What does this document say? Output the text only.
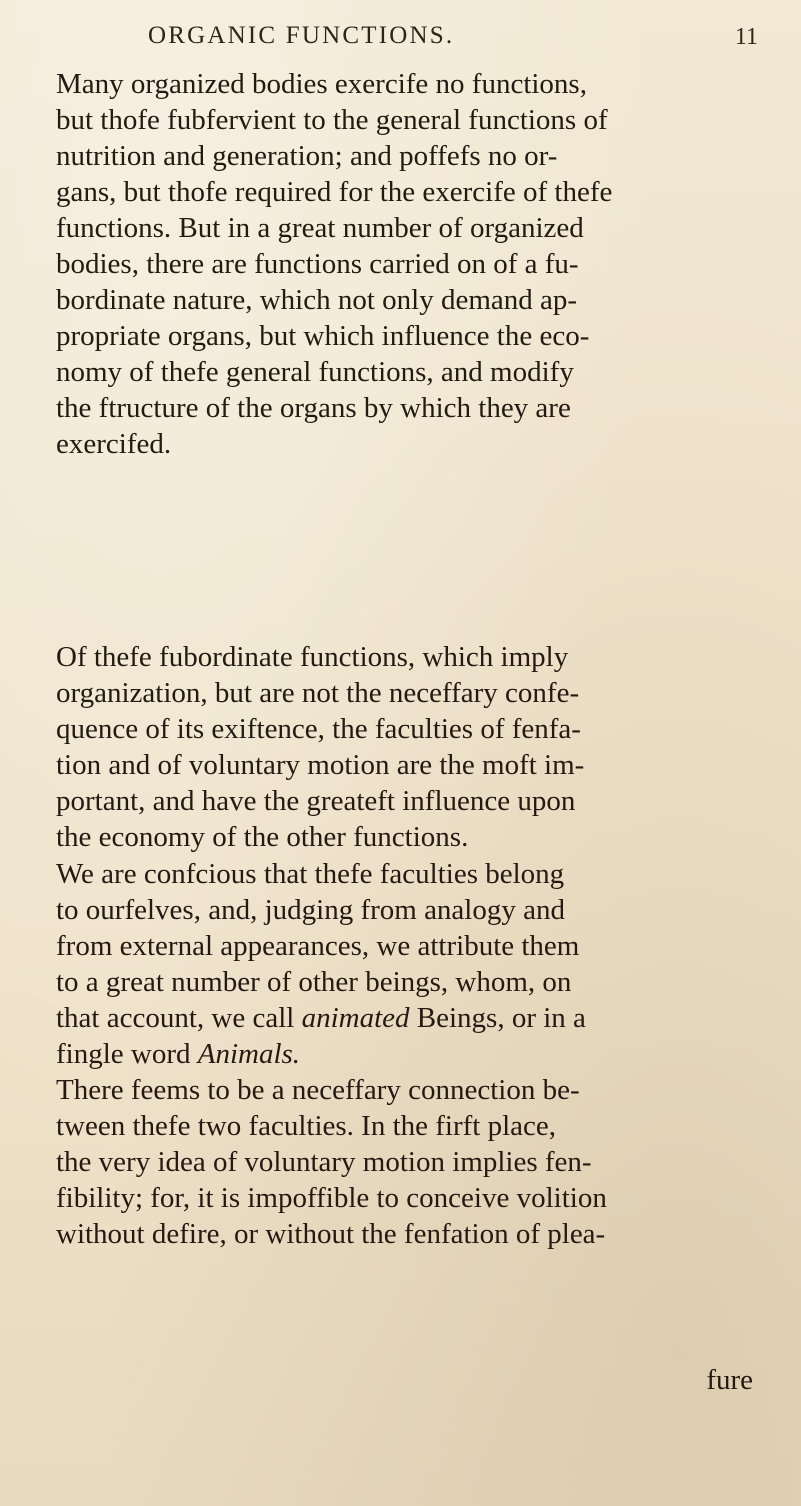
ORGANIC FUNCTIONS.	11
Many organized bodies exercife no functions,
but thofe fubfervient to the general functions of
nutrition and generation; and poffefs no or-
gans, but thofe required for the exercife of thefe
functions. But in a great number of organized
bodies, there are functions carried on of a fu-
bordinate nature, which not only demand ap-
propriate organs, but which influence the eco-
nomy of thefe general functions, and modify
the ftructure of the organs by which they are
exercifed.
Of thefe fubordinate functions, which imply
organization, but are not the neceffary confe-
quence of its exiftence, the faculties of fenfa-
tion and of voluntary motion are the moft im-
portant, and have the greateft influence upon
the economy of the other functions.
We are confcious that thefe faculties belong
to ourfelves, and, judging from analogy and
from external appearances, we attribute them
to a great number of other beings, whom, on
that account, we call animated Beings, or in a
fingle word Animals.
There feems to be a neceffary connection be-
tween thefe two faculties. In the firft place,
the very idea of voluntary motion implies fen-
fibility; for, it is impoffible to conceive volition
without defire, or without the fenfation of plea-
fure
